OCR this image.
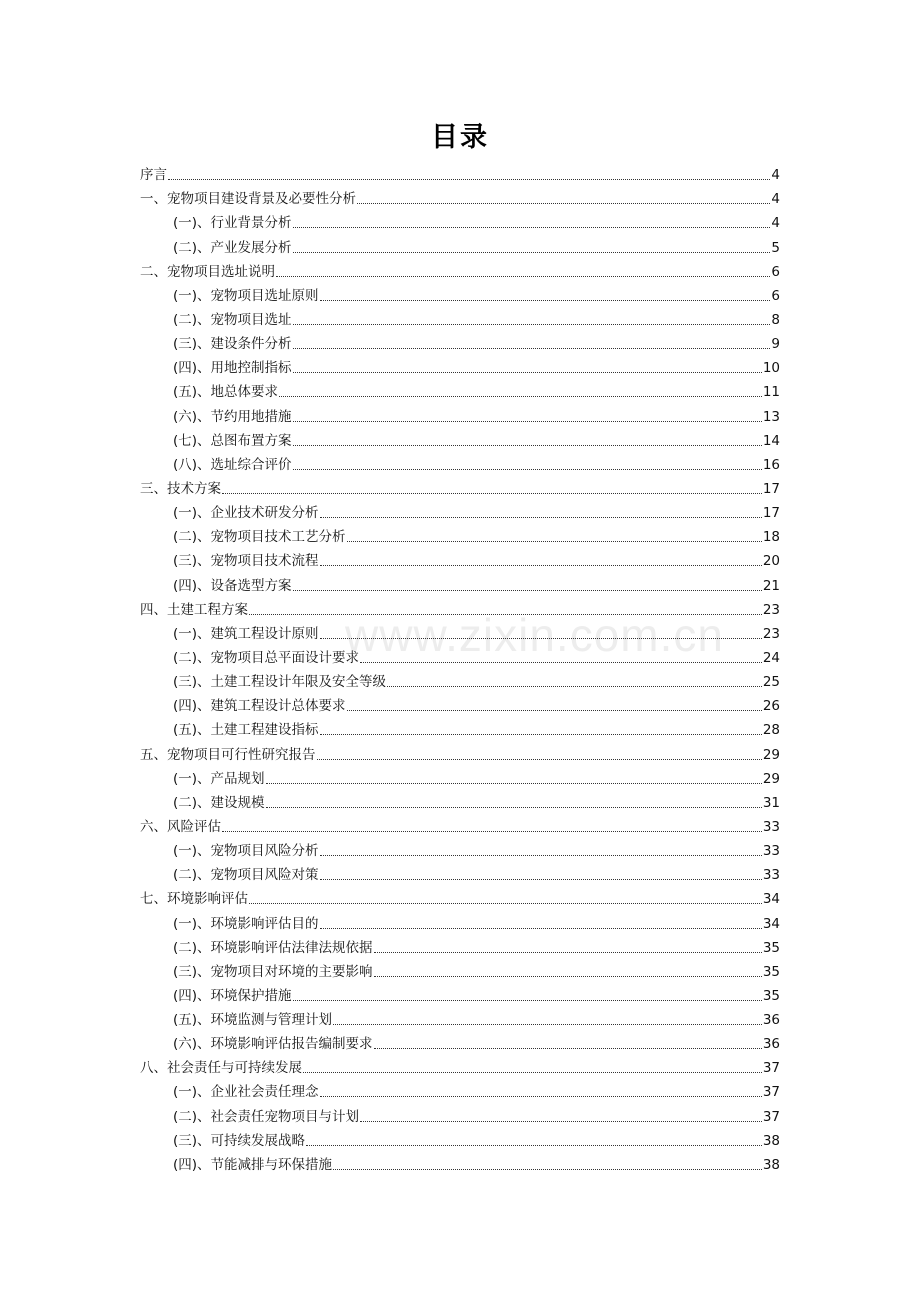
目录
www.zixin.com.cn
序言	4
一、宠物项目建设背景及必要性分析	4
(一)、行业背景分析	4
(二)、产业发展分析	5
二、宠物项目选址说明	6
(一)、宠物项目选址原则	6
(二)、宠物项目选址	8
(三)、建设条件分析	9
(四)、用地控制指标	10
(五)、地总体要求	11
(六)、节约用地措施	13
(七)、总图布置方案	14
(八)、选址综合评价	16
三、技术方案	17
(一)、企业技术研发分析	17
(二)、宠物项目技术工艺分析	18
(三)、宠物项目技术流程	20
(四)、设备选型方案	21
四、土建工程方案	23
(一)、建筑工程设计原则	23
(二)、宠物项目总平面设计要求	24
(三)、土建工程设计年限及安全等级	25
(四)、建筑工程设计总体要求	26
(五)、土建工程建设指标	28
五、宠物项目可行性研究报告	29
(一)、产品规划	29
(二)、建设规模	31
六、风险评估	33
(一)、宠物项目风险分析	33
(二)、宠物项目风险对策	33
七、环境影响评估	34
(一)、环境影响评估目的	34
(二)、环境影响评估法律法规依据	35
(三)、宠物项目对环境的主要影响	35
(四)、环境保护措施	35
(五)、环境监测与管理计划	36
(六)、环境影响评估报告编制要求	36
八、社会责任与可持续发展	37
(一)、企业社会责任理念	37
(二)、社会责任宠物项目与计划	37
(三)、可持续发展战略	38
(四)、节能减排与环保措施	38
